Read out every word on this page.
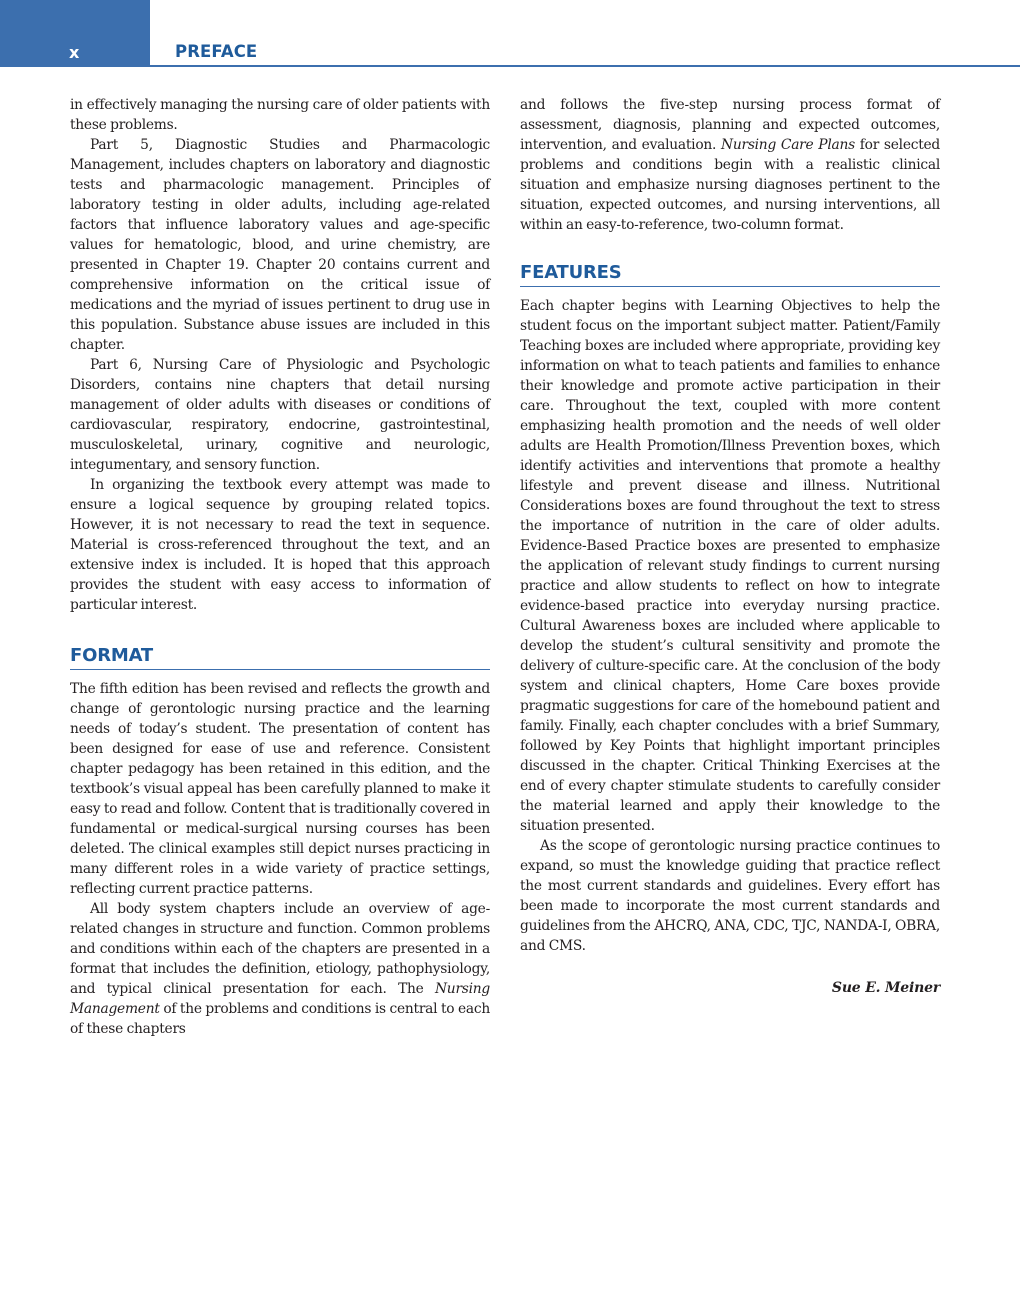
x	PREFACE

in effectively managing the nursing care of older patients with these problems.

Part 5, Diagnostic Studies and Pharmacologic Management, includes chapters on laboratory and diagnostic tests and pharmacologic management. Principles of laboratory testing in older adults, including age-related factors that influence laboratory values and age-specific values for hematologic, blood, and urine chemistry, are presented in Chapter 19. Chapter 20 contains current and comprehensive information on the critical issue of medications and the myriad of issues pertinent to drug use in this population. Substance abuse issues are included in this chapter.

Part 6, Nursing Care of Physiologic and Psychologic Disorders, contains nine chapters that detail nursing management of older adults with diseases or conditions of cardiovascular, respiratory, endocrine, gastrointestinal, musculoskeletal, urinary, cognitive and neurologic, integumentary, and sensory function.

In organizing the textbook every attempt was made to ensure a logical sequence by grouping related topics. However, it is not necessary to read the text in sequence. Material is cross-referenced throughout the text, and an extensive index is included. It is hoped that this approach provides the student with easy access to information of particular interest.

FORMAT

The fifth edition has been revised and reflects the growth and change of gerontologic nursing practice and the learning needs of today’s student. The presentation of content has been designed for ease of use and reference. Consistent chapter pedagogy has been retained in this edition, and the textbook’s visual appeal has been carefully planned to make it easy to read and follow. Content that is traditionally covered in fundamental or medical-surgical nursing courses has been deleted. The clinical examples still depict nurses practicing in many different roles in a wide variety of practice settings, reflecting current practice patterns.

All body system chapters include an overview of age-related changes in structure and function. Common problems and conditions within each of the chapters are presented in a format that includes the definition, etiology, pathophysiology, and typical clinical presentation for each. The Nursing Management of the problems and conditions is central to each of these chapters

and follows the five-step nursing process format of assessment, diagnosis, planning and expected outcomes, intervention, and evaluation. Nursing Care Plans for selected problems and conditions begin with a realistic clinical situation and emphasize nursing diagnoses pertinent to the situation, expected outcomes, and nursing interventions, all within an easy-to-reference, two-column format.

FEATURES

Each chapter begins with Learning Objectives to help the student focus on the important subject matter. Patient/Family Teaching boxes are included where appropriate, providing key information on what to teach patients and families to enhance their knowledge and promote active participation in their care. Throughout the text, coupled with more content emphasizing health promotion and the needs of well older adults are Health Promotion/Illness Prevention boxes, which identify activities and interventions that promote a healthy lifestyle and prevent disease and illness. Nutritional Considerations boxes are found throughout the text to stress the importance of nutrition in the care of older adults. Evidence-Based Practice boxes are presented to emphasize the application of relevant study findings to current nursing practice and allow students to reflect on how to integrate evidence-based practice into everyday nursing practice. Cultural Awareness boxes are included where applicable to develop the student’s cultural sensitivity and promote the delivery of culture-specific care. At the conclusion of the body system and clinical chapters, Home Care boxes provide pragmatic suggestions for care of the homebound patient and family. Finally, each chapter concludes with a brief Summary, followed by Key Points that highlight important principles discussed in the chapter. Critical Thinking Exercises at the end of every chapter stimulate students to carefully consider the material learned and apply their knowledge to the situation presented.

As the scope of gerontologic nursing practice continues to expand, so must the knowledge guiding that practice reflect the most current standards and guidelines. Every effort has been made to incorporate the most current standards and guidelines from the AHCRQ, ANA, CDC, TJC, NANDA-I, OBRA, and CMS.

Sue E. Meiner
